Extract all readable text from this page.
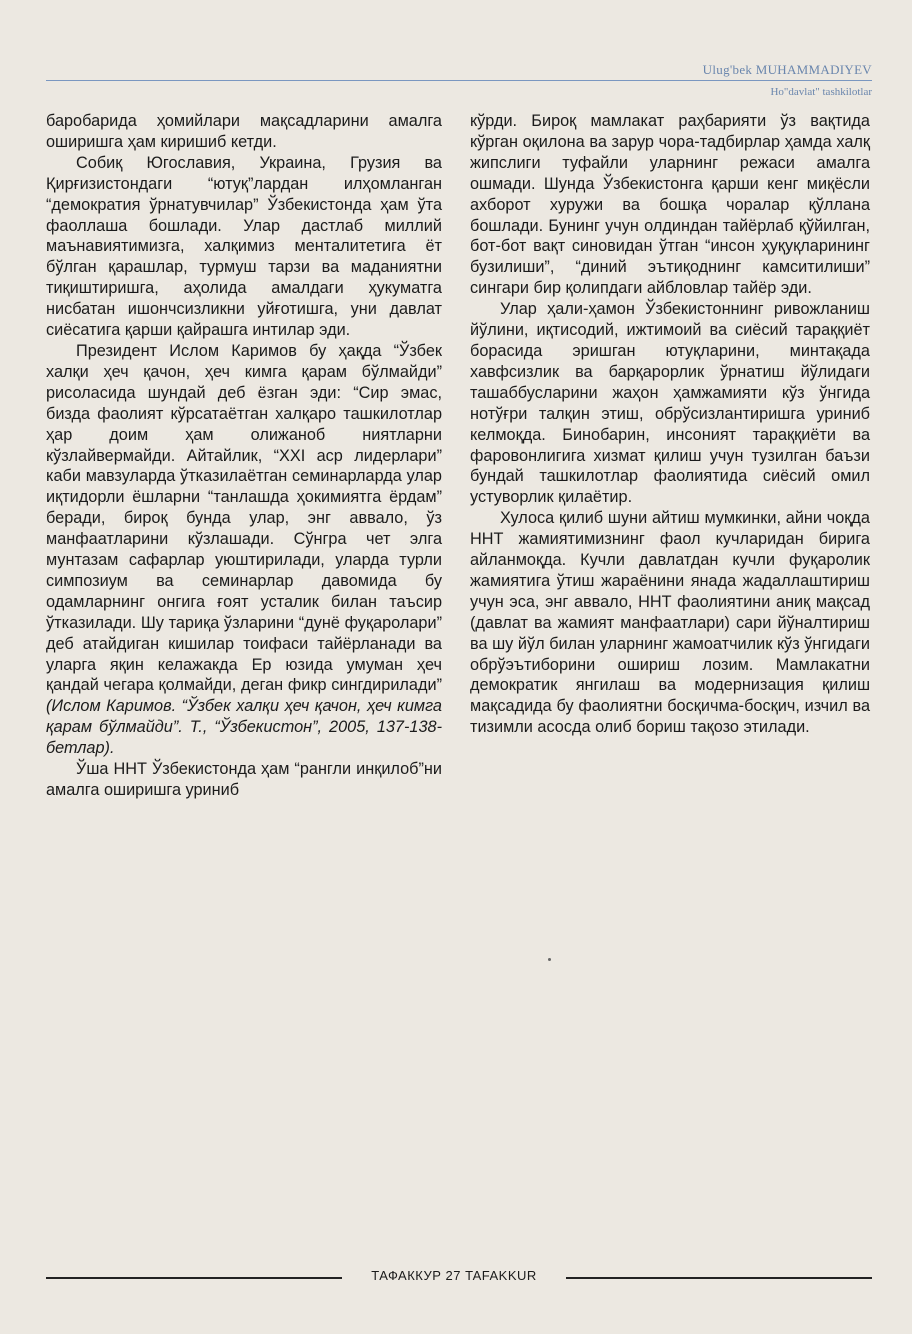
Ulug'bek MUHAMMADIYEV
Ho"davlat" tashkilotlar

баробарида ҳомийлари мақсадларини амалга оширишга ҳам киришиб кетди.

Собиқ Югославия, Украина, Грузия ва Қирғизистондаги “ютуқ”лардан илҳомланган “демократия ўрнатувчилар” Ўзбекистонда ҳам ўта фаоллаша бошлади. Улар дастлаб миллий маънавиятимизга, халқимиз менталитетига ёт бўлган қарашлар, турмуш тарзи ва маданиятни тиқиштиришга, аҳолида амалдаги ҳукуматга нисбатан ишончсизликни уйғотишга, уни давлат сиёсатига қарши қайрашга интилар эди.

Президент Ислом Каримов бу ҳақда “Ўзбек халқи ҳеч қачон, ҳеч кимга қарам бўлмайди” рисоласида шундай деб ёзган эди: “Сир эмас, бизда фаолият кўрсатаётган халқаро ташкилотлар ҳар доим ҳам олижаноб ниятларни кўзлайвермайди. Айтайлик, “XXI аср лидерлари” каби мавзуларда ўтказилаётган семинарларда улар иқтидорли ёшларни “танлашда ҳокимиятга ёрдам” беради, бироқ бунда улар, энг аввало, ўз манфаатларини кўзлашади. Сўнгра чет элга мунтазам сафарлар уюштирилади, уларда турли симпозиум ва семинарлар давомида бу одамларнинг онгига ғоят усталик билан таъсир ўтказилади. Шу тариқа ўзларини “дунё фуқаролари” деб атайдиган кишилар тоифаси тайёрланади ва уларга яқин келажакда Ер юзида умуман ҳеч қандай чегара қолмайди, деган фикр сингдирилади” (Ислом Каримов. “Ўзбек халқи ҳеч қачон, ҳеч кимга қарам бўлмайди”. Т., “Ўзбекистон”, 2005, 137-138-бетлар).

Ўша ННТ Ўзбекистонда ҳам “рангли инқилоб”ни амалга оширишга уриниб

кўрди. Бироқ мамлакат раҳбарияти ўз вақтида кўрган оқилона ва зарур чора-тадбирлар ҳамда халқ жипслиги туфайли уларнинг режаси амалга ошмади. Шунда Ўзбекистонга қарши кенг миқёсли ахборот хуружи ва бошқа чоралар қўллана бошлади. Бунинг учун олдиндан тайёрлаб қўйилган, бот-бот вақт синовидан ўтган “инсон ҳуқуқларининг бузилиши”, “диний эътиқоднинг камситилиши” сингари бир қолипдаги айбловлар тайёр эди.

Улар ҳали-ҳамон Ўзбекистоннинг ривожланиш йўлини, иқтисодий, ижтимоий ва сиёсий тараққиёт борасида эришган ютуқларини, минтақада хавфсизлик ва барқарорлик ўрнатиш йўлидаги ташаббусларини жаҳон ҳамжамияти кўз ўнгида нотўғри талқин этиш, обрўсизлантиришга уриниб келмоқда. Бинобарин, инсоният тараққиёти ва фаровонлигига хизмат қилиш учун тузилган баъзи бундай ташкилотлар фаолиятида сиёсий омил устуворлик қилаётир.

Хулоса қилиб шуни айтиш мумкинки, айни чоқда ННТ жамиятимизнинг фаол кучларидан бирига айланмоқда. Кучли давлатдан кучли фуқаролик жамиятига ўтиш жараёнини янада жадаллаштириш учун эса, энг аввало, ННТ фаолиятини аниқ мақсад (давлат ва жамият манфаатлари) сари йўналтириш ва шу йўл билан уларнинг жамоатчилик кўз ўнгидаги обрўэътиборини ошириш лозим. Мамлакатни демократик янгилаш ва модернизация қилиш мақсадида бу фаолиятни босқичма-босқич, изчил ва тизимли асосда олиб бориш тақозо этилади.

ТАФАККУР 27 TAFAKKUR
